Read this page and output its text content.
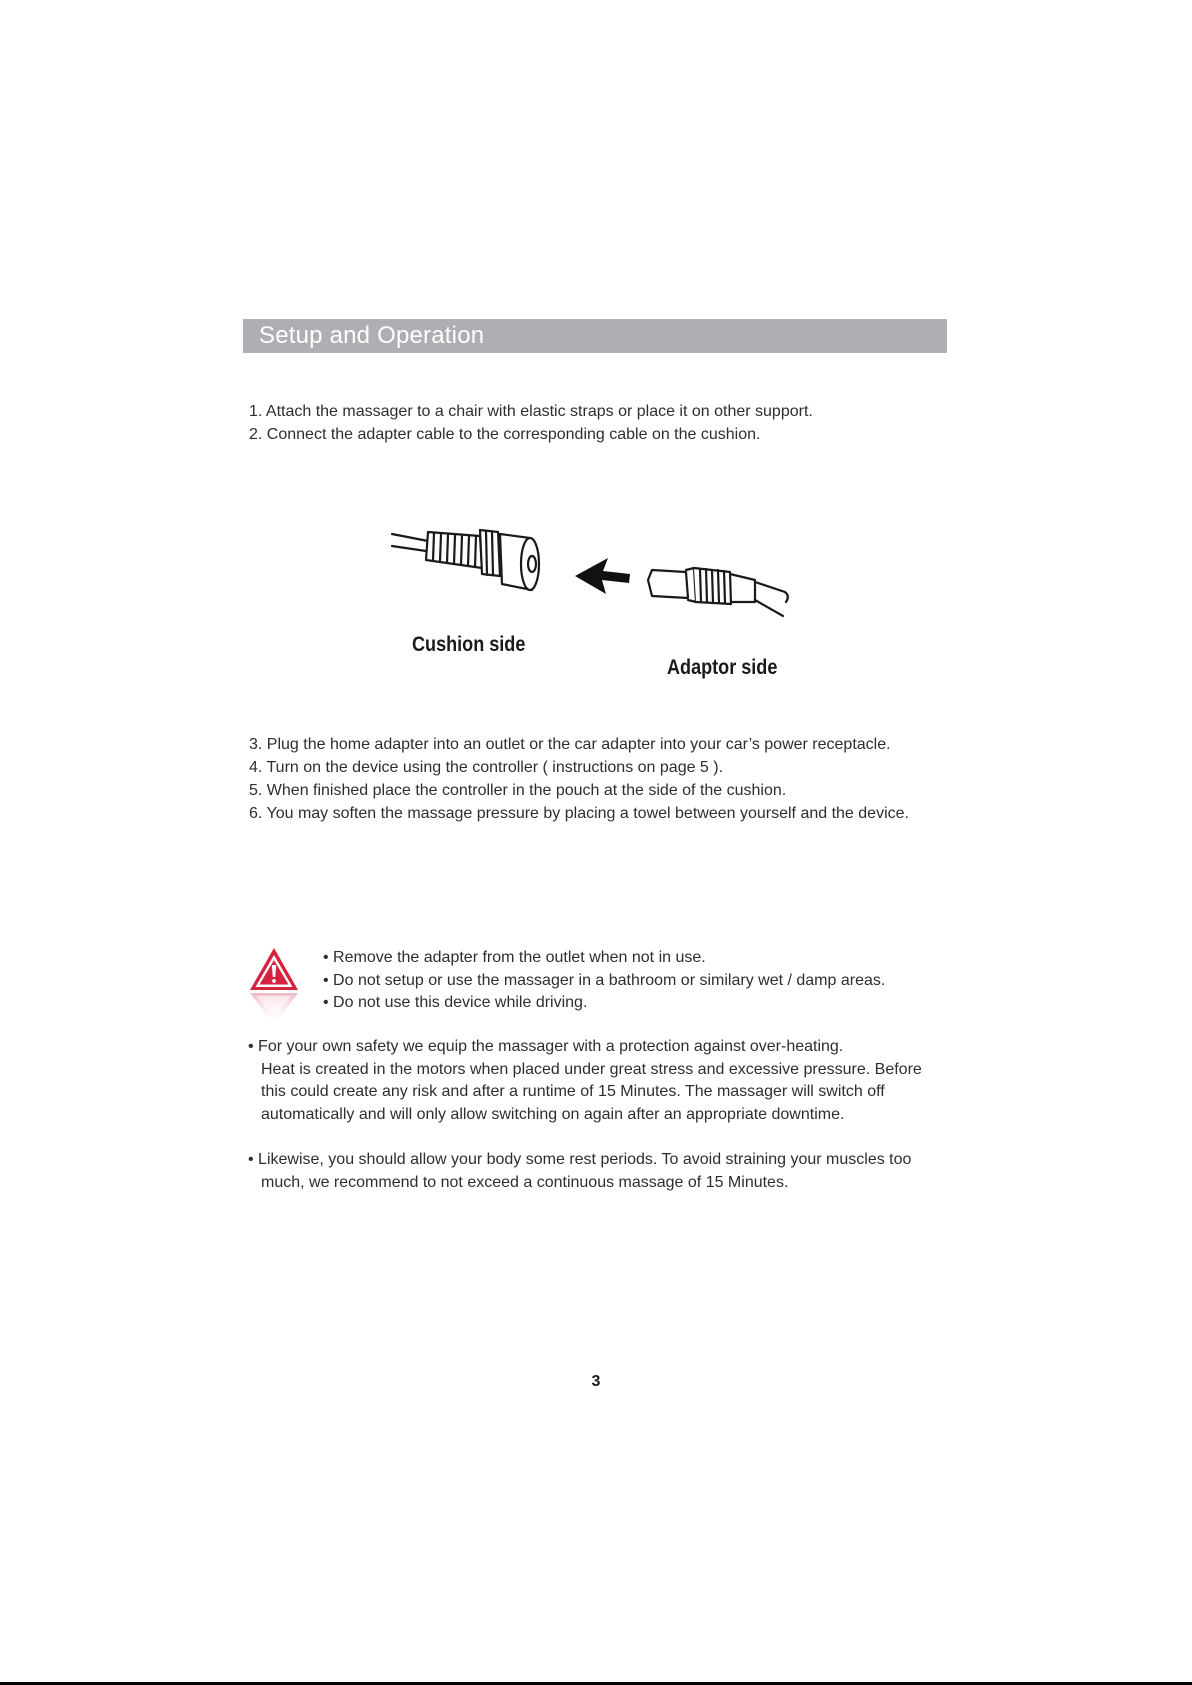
Setup and Operation
1. Attach the massager to a chair with elastic straps or place it on other support.
2. Connect the adapter cable to the corresponding cable on the cushion.
Cushion side
Adaptor side
3. Plug the home adapter into an outlet or the car adapter into your car’s power receptacle.
4. Turn on the device using the controller ( instructions on page 5 ).
5. When finished place the controller in the pouch at the side of the cushion.
6. You may soften the massage pressure by placing a towel between yourself and the device.
• Remove the adapter from the outlet when not in use.
• Do not setup or use the massager in a bathroom or similary wet / damp areas.
• Do not use this device while driving.
• For your own safety we equip the massager with a protection against over-heating.
Heat is created in the motors when placed under great stress and excessive pressure. Before
this could create any risk and after a runtime of 15 Minutes. The massager will switch off
automatically and will only allow switching on again after an appropriate downtime.
• Likewise, you should allow your body some rest periods. To avoid straining your muscles too
much, we recommend to not exceed a continuous massage of 15 Minutes.
3
